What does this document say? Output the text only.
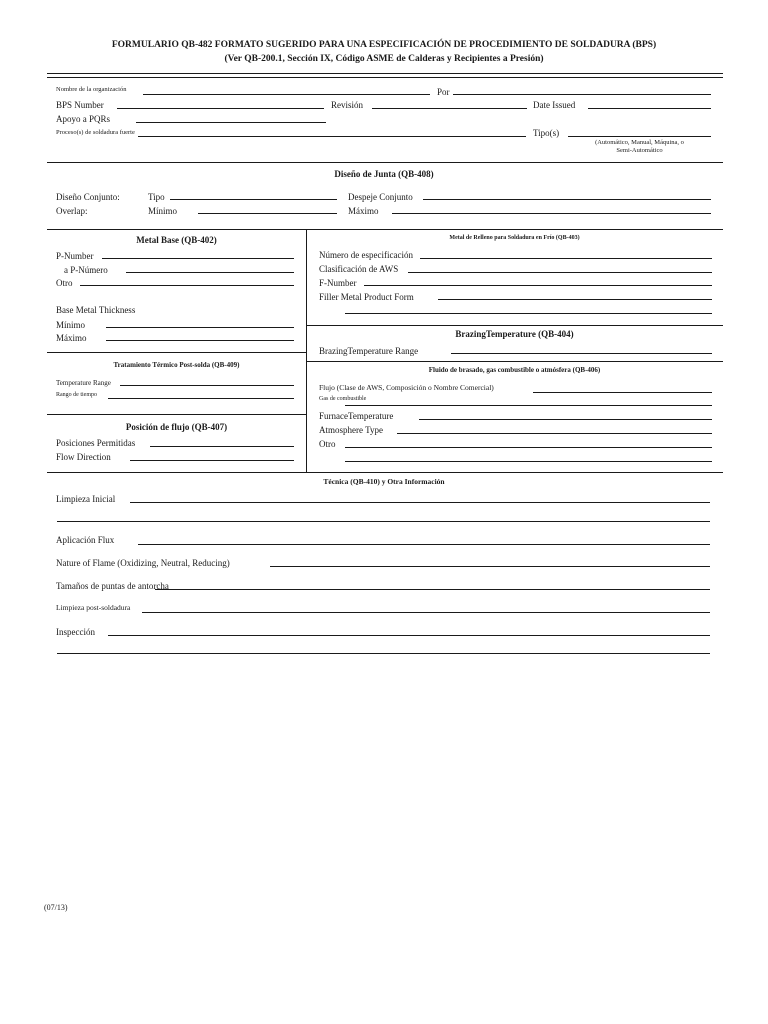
FORMULARIO QB-482 FORMATO SUGERIDO PARA UNA ESPECIFICACIÓN DE PROCEDIMIENTO DE SOLDADURA (BPS)
(Ver QB-200.1, Sección IX, Código ASME de Calderas y Recipientes a Presión)
Nombre de la organización	Por
BPS Number	Revisión	Date Issued
Apoyo a PQRs
Proceso(s) de soldadura fuerte	Tipo(s)
(Automático, Manual, Máquina, o
Semi-Automático
Diseño de Junta (QB-408)
Diseño Conjunto:	Tipo	Despeje Conjunto
Overlap:	Mínimo	Máximo
Metal Base (QB-402)
P-Number
a P-Número
Otro
Base Metal Thickness
Mínimo
Máximo
Tratamiento Térmico Post-solda (QB-409)
Temperature Range
Rango de tiempo
Posición de flujo (QB-407)
Posiciones Permitidas
Flow Direction
Metal de Relleno para Soldadura en Frío (QB-403)
Número de especificación
Clasificación de AWS
F-Number
Filler Metal Product Form
BrazingTemperature (QB-404)
BrazingTemperature Range
Fluido de brasado, gas combustible o atmósfera (QB-406)
Flujo (Clase de AWS, Composición o Nombre Comercial)
Gas de combustible
FurnaceTemperature
Atmosphere Type
Otro
Técnica (QB-410) y Otra Información
Limpieza Inicial
Aplicación Flux
Nature of Flame (Oxidizing, Neutral, Reducing)
Tamaños de puntas de antorcha
Limpieza post-soldadura
Inspección
(07/13)
